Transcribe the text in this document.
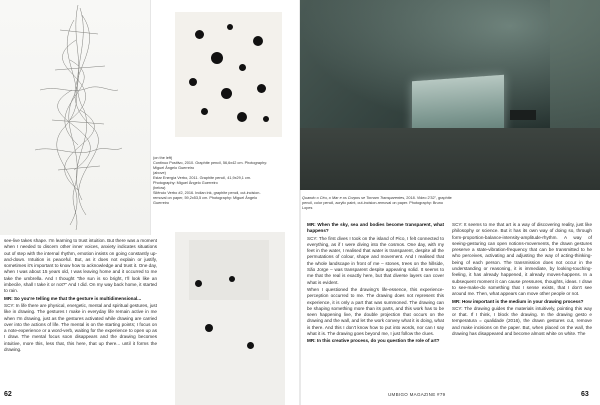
(on the left)
Continuo Positivo, 2010. Graphite pencil, 56,6x42 cm. Photography: Miguel Ângelo Guerreiro
(above)
Estar Energía Verbo, 2011. Graphite pencil, 41,9x29,1 cm. Photography: Miguel Ângelo Guerreiro
(below)
Silêncio Verbo #2, 2016. Indian ink, graphite pencil, cut-incision-removal on paper, 59,2x53,5 cm. Photography: Miguel Ângelo Guerreiro

see-live takes shape. I'm learning to trust intuition. But there was a moment when I needed to discern other inner voices, anxiety indicates situations out of step with the internal rhythm, emotion insists on going constantly up-and-down. Intuition is peaceful. But, as it does not explain or justify, sometimes it's important to know how to acknowledge and trust it. One day, when I was about 15 years old, I was leaving home and it occurred to me take the umbrella. And I thought "the sun is so bright, I'll look like an imbecile, shall I take it or not?" And I did. On my way back home, it started to rain.

MR: So you're telling me that the gesture is multidimensional...

SCY: In life there are physical, energetic, mental and spiritual gestures, just like in drawing. The gestures I make in everyday life remain active in me when I'm drawing, just as the gestures activated while drawing are carried over into the actions of life. The mental is on the starting points; I focus on a note-experience or a word-verb, waiting for the experience to open up as I draw. The mental focus soon disappears and the drawing becomes intuitive, more this, less that, this here, that up there... until it forms the drawing.

62
Quando o Céu, o Mar e os Corpos se Tornam Transparentes, 2018. Video 2'32", graphite pencil, color pencil, acrylic paint, cut-incision-removal on paper. Photography: Bruno Lopes

MR: When the sky, sea and bodies become transparent, what happens?

SCY: The first dives I took on the island of Pico, I felt connected to everything, as if I were diving into the cosmos. One day, with my feet in the water, I realised that water is transparent, despite all the permutations of colour, shape and movement. And I realised that the whole landscape in front of me – stones, trees on the hillside, São Jorge – was transparent despite appearing solid. It seems to me that the real is exactly here, but that diverse layers can cover what is evident.

When I questioned the drawing's life-essence, this experience-perception occurred to me. The drawing does not represent this experience, it is only a part that was summoned. The drawing can be shaping something more than its parts, and this work has to be seen happening live, the double projection that occurs on the drawing and the wall, and let the work convey what it is doing, what is there. And this I don't know how to put into words, nor can I say what it is. The drawing goes beyond me, I just follow the clues.

MR: In this creative process, do you question the role of art?

SCY: It seems to me that art is a way of discovering reality, just like philosophy or science. But it has its own way of doing so, through form-proportion-balance-intensity-amplitude-rhythm. A way of seeing-gesturing can open notions-movements, the drawn gestures preserve a state-vibration-frequency that can be transmitted to he who perceives, activating and adjusting the way of acting-thinking-being of each person. The transmission does not occur in the understanding or reasoning, it is immediate, by looking-touching-feeling, it has already happened, it already moves-happens. In a subsequent moment it can cause pressures, thoughts, ideas. I draw to see-make-do something that I sense exists, that I don't see around me. Then, what appears can move other people or not.

MR: How important is the medium in your drawing process?

SCY: The drawing guides the materials intuitively, pointing this way or that. If I think, I block the drawing. In the drawing gesto e temperatura = qualidade (2016), the drawn gestures cut, remove and make incisions on the paper. But, when placed on the wall, the drawing has disappeared and become almost white on white. The

UMBIGO MAGAZINE #79	63
